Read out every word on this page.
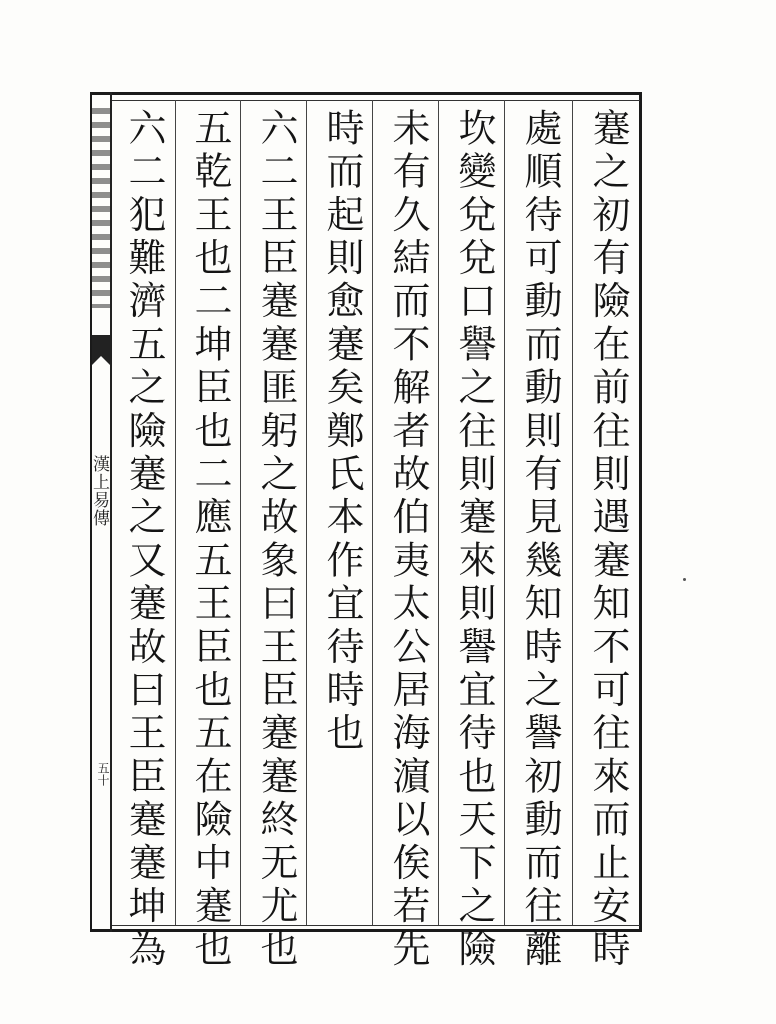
漢上易傳
五十	蹇之初有險在前往則遇蹇知不可往來而止安時
處順待可動而動則有見幾知時之譽初動而往離
坎變兌兌口譽之往則蹇來則譽宜待也天下之險
未有久結而不解者故伯夷太公居海濵以俟若先
時而起則愈蹇矣鄭氏本作宜待時也
六二王臣蹇蹇匪躬之故象曰王臣蹇蹇終无尤也
五乾王也二坤臣也二應五王臣也五在險中蹇也
六二犯難濟五之險蹇之又蹇故曰王臣蹇蹇坤為
